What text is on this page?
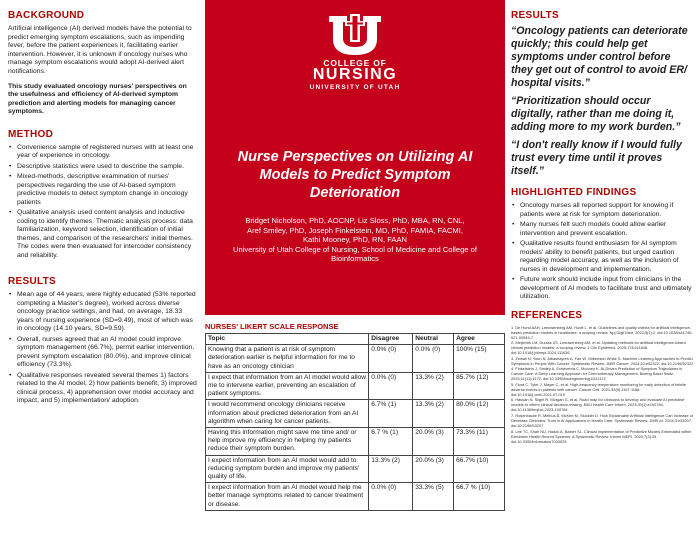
BACKGROUND

Artificial intelligence (AI) derived models have the potential to predict emerging symptom escalations, such as impending fever, before the patient experiences it, facilitating earlier intervention. However, it is unknown if oncology nurses who manage symptom escalations would adopt AI-derived alert notifications.

This study evaluated oncology nurses' perspectives on the usefulness and efficiency of AI-derived symptom prediction and alerting models for managing cancer symptoms.

METHOD
• Convenience sample of registered nurses with at least one year of experience in oncology.
• Descriptive statistics were used to describe the sample.
• Mixed-methods, descriptive examination of nurses' perspectives regarding the use of AI-based symptom predictive models to detect symptom change in oncology patients
• Qualitative analysis used content analysis and inductive coding to identify themes. Thematic analysis process: data familiarization, keyword selection, identification of initial themes, and comparison of the researchers' initial themes. The codes were then evaluated for intercoder consistency and reliability.
RESULTS
• Mean age of 44 years, were highly educated (53% reported completing a Master's degree), worked across diverse oncology practice settings, and had, on average, 18.33 years of nursing experience (SD=9.49), most of which was in oncology (14.10 years, SD=9.59).
• Overall, nurses agreed that an AI model could improve symptom management (66.7%), permit earlier intervention, prevent symptom escalation (80.0%), and improve clinical efficiency (73.3%).
• Qualitative responses revealed several themes 1) factors related to the AI model, 2) how patients benefit, 3) improved clinical process, 4) apprehension over model accuracy and impact, and 5) implementation/ adoption.
COLLEGE OF
NURSING
UNIVERSITY OF UTAH
Nurse Perspectives on Utilizing AI Models to Predict Symptom Deterioration
Bridget Nicholson, PhD, AOCNP, Liz Sloss, PhD, MBA, RN, CNL,
Aref Smiley, PhD, Joseph Finkelstein, MD, PhD, FAMIA, FACMI,
Kathi Mooney, PhD, RN, FAAN
University of Utah College of Nursing, School of Medicine and College of Bioinformatics
NURSES' LIKERT SCALE RESPONSE
Topic	Disagree	Neutral	Agree
Knowing that a patient is at risk of symptom deterioration earlier is helpful information for me to have as an oncology clinician	0.0% (0)	0.0% (0)	100% (15)
I expect that information from an AI model would allow me to intervene earlier, preventing an escalation of patient symptoms.	0.0% (0)	13.3% (2)	85.7% (12)
I would recommend oncology clinicians receive information about predicted deterioration from an AI algorithm when caring for cancer patients.	6.7% (1)	13.3% (2)	80.0% (12)
Having this information might save me time and/ or help improve my efficiency in helping my patients reduce their symptom burden.	6.7 % (1)	20.0% (3)	73.3% (11)
I expect information from an AI model would add to reducing symptom burden and improve my patients' quality of life.	13.3% (2)	20.0% (3)	66.7% (10)
I expect information from an AI model would help me better manage symptoms related to cancer treatment or disease.	0.0% (0)	33.3% (5)	66.7 % (10)
RESULTS
“Oncology patients can deteriorate quickly; this could help get symptoms under control before they get out of control to avoid ER/ hospital visits.”
“Prioritization should occur digitally, rather than me doing it, adding more to my work burden.”
“I don't really know if I would fully trust every time until it proves itself.”
HIGHLIGHTED FINDINGS
• Oncology nurses all reported support for knowing if patients were at risk for symptom deterioration.
• Many nurses felt such models could allow earlier intervention and prevent escalation.
• Qualitative results found enthusiasm for AI symptom models' ability to benefit patients, but urged caution regarding model accuracy, as well as the inclusion of nurses in development and implementation.
• Future work should include input from clinicians in the development of AI models to facilitate trust and ultimately utilization.
REFERENCES

1. De Hond AAH, Leeuwenberg AM, Hooft L, et al. Guidelines and quality criteria for artificial intelligence-based prediction models in healthcare: a scoping review. Npj Digit Med. 2022;5(1):2. doi:10.1038/s41746-021-00549-7

2. Meijerink LM, Dunias ZS, Leeuwenberg AM, et al. Updating methods for artificial intelligence-based clinical prediction models: a scoping review. J Clin Epidemiol. 2025;178:111636. doi:10.1016/j.jclinepi.2024.111636

3. Zeinali N, Youn N, Albashayreh A, Fan W, Gilbertson White S. Machine Learning Approaches to Predict Symptoms in People With Cancer: Systematic Review. JMIR Cancer. 2024;10:e52322. doi:10.2196/52322

4. Finkelstein J, Smiley A, Echeverria C, Mooney K. AI-Driven Prediction of Symptom Trajectories in Cancer Care: A Deep Learning Approach for Chemotherapy Management. Bioeng Basel Switz. 2024;11(11):1172. doi:10.3390/bioengineering11111172

5. Flora C, Tyler J, Mayer C, et al. High-frequency temperature monitoring for early detection of febrile adverse events in patients with cancer. Cancer Cell. 2021;39(9):1167-1168. doi:10.1016/j.ccell.2021.07.019

6. Hassan N, Slight R, Morgan G, et al. Road map for clinicians to develop and evaluate AI predictive models to inform clinical decision-making. BMJ Health Care Inform. 2023;30(1):e100784. doi:10.1136/bmjhci-2023-100784

7. Rosenbacke R, Melhus Å, McKee M, Stuckler D. How Explainable Artificial Intelligence Can Increase or Decrease Clinicians' Trust in AI Applications in Health Care: Systematic Review. JMIR AI. 2024;3:e53207. doi:10.2196/53207

8. Lee TC, Shah NU, Haack A, Baxter SL. Clinical Implementation of Predictive Models Embedded within Electronic Health Record Systems: A Systematic Review. Inform MDPI. 2020;7(3):25. doi:10.3390/informatics7030025
